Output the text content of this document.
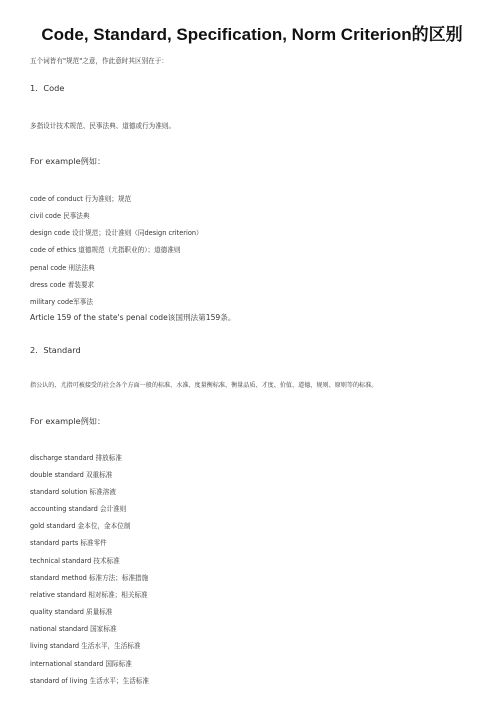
Code, Standard, Specification, Norm Criterion的区别
五个词皆有"规范"之意，作此意时其区别在于：
1．Code
多指设计技术规范、民事法典、道德或行为准则。
For example例如：
code of conduct 行为准则；规范
civil code 民事法典
design code 设计规范；设计准则（同design criterion）
code of ethics 道德规范（尤指职业的）；道德准则
penal code 刑法法典
dress code 着装要求
military code军事法
Article 159 of the state's penal code该国刑法第159条。
2．Standard
指公认的、尤指可被接受的社会各个方面一般的标准、水准、度量衡标准、衡量品质、才度、价值、道德、规则、原则等的标准。
For example例如：
discharge standard 排放标准
double standard 双重标准
standard solution 标准溶液
accounting standard 会计准则
gold standard 金本位，金本位制
standard parts 标准零件
technical standard 技术标准
standard method 标准方法；标准措施
relative standard 相对标准；相关标准
quality standard 质量标准
national standard 国家标准
living standard 生活水平，生活标准
international standard 国际标准
standard of living 生活水平；生活标准
